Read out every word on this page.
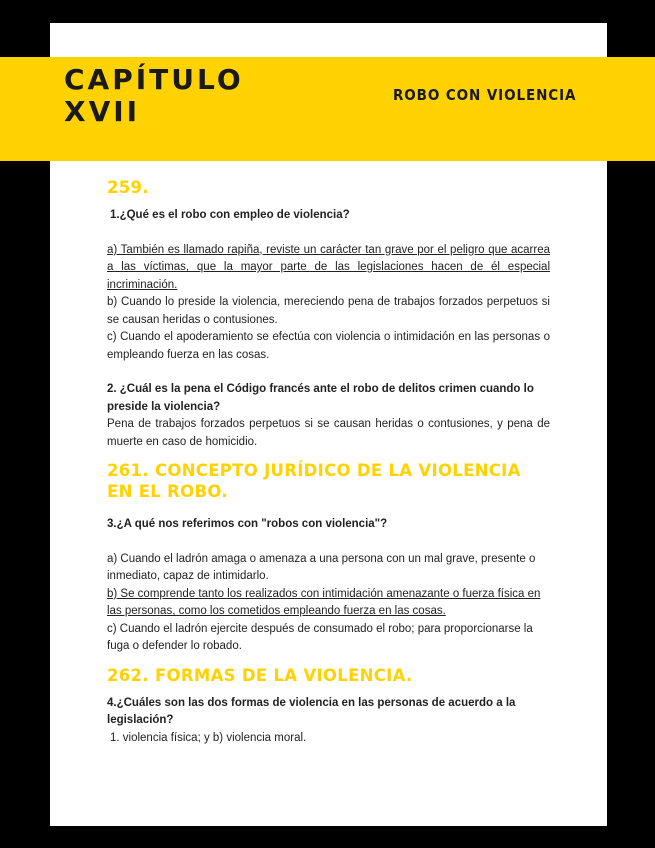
CAPÍTULO XVII	ROBO CON VIOLENCIA
259.
1.¿Qué es el robo con empleo de violencia?
a) También es llamado rapiña, reviste un carácter tan grave por el peligro que acarrea a las víctimas, que la mayor parte de las legislaciones hacen de él especial incriminación.
b) Cuando lo preside la violencia, mereciendo pena de trabajos forzados perpetuos si se causan heridas o contusiones.
c) Cuando el apoderamiento se efectúa con violencia o intimidación en las personas o empleando fuerza en las cosas.
2. ¿Cuál es la pena el Código francés ante el robo de delitos crimen cuando lo preside la violencia?
Pena de trabajos forzados perpetuos si se causan heridas o contusiones, y pena de muerte en caso de homicidio.
261. CONCEPTO JURÍDICO DE LA VIOLENCIA EN EL ROBO.
3.¿A qué nos referimos con "robos con violencia"?
a) Cuando el ladrón amaga o amenaza a una persona con un mal grave, presente o inmediato, capaz de intimidarlo.
b) Se comprende tanto los realizados con intimidación amenazante o fuerza física en las personas, como los cometidos empleando fuerza en las cosas.
c) Cuando el ladrón ejercite después de consumado el robo; para proporcionarse la fuga o defender lo robado.
262. FORMAS DE LA VIOLENCIA.
4.¿Cuáles son las dos formas de violencia en las personas de acuerdo a la legislación?
1. violencia física; y b) violencia moral.
